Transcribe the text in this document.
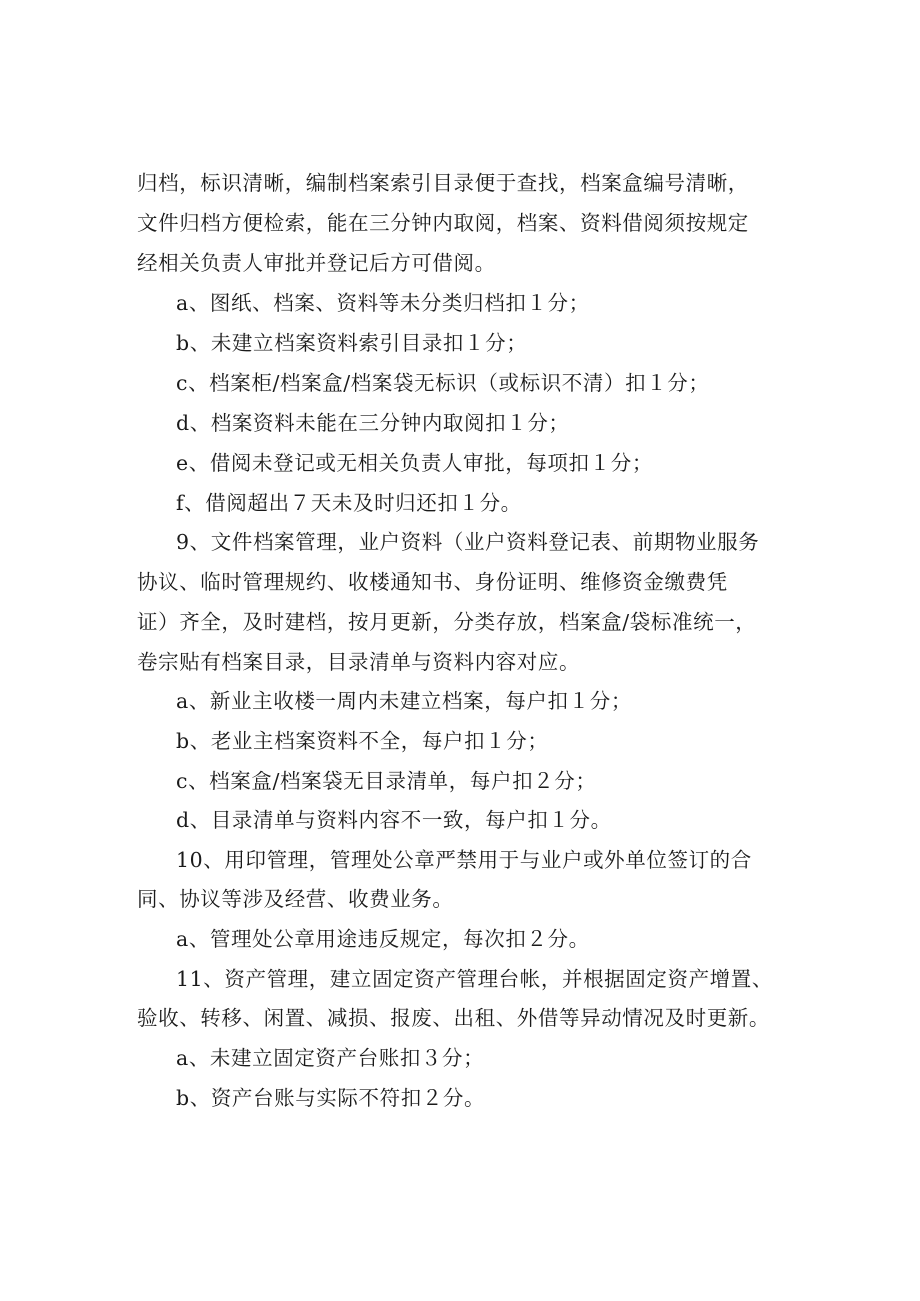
归档，标识清晰，编制档案索引目录便于查找，档案盒编号清晰，
文件归档方便检索，能在三分钟内取阅，档案、资料借阅须按规定
经相关负责人审批并登记后方可借阅。
a、图纸、档案、资料等未分类归档扣１分；
b、未建立档案资料索引目录扣１分；
c、档案柜/档案盒/档案袋无标识（或标识不清）扣１分；
d、档案资料未能在三分钟内取阅扣１分；
e、借阅未登记或无相关负责人审批，每项扣１分；
f、借阅超出７天未及时归还扣１分。
9、文件档案管理，业户资料（业户资料登记表、前期物业服务
协议、临时管理规约、收楼通知书、身份证明、维修资金缴费凭
证）齐全，及时建档，按月更新，分类存放，档案盒/袋标准统一，
卷宗贴有档案目录，目录清单与资料内容对应。
a、新业主收楼一周内未建立档案，每户扣１分；
b、老业主档案资料不全，每户扣１分；
c、档案盒/档案袋无目录清单，每户扣２分；
d、目录清单与资料内容不一致，每户扣１分。
10、用印管理，管理处公章严禁用于与业户或外单位签订的合
同、协议等涉及经营、收费业务。
a、管理处公章用途违反规定，每次扣２分。
11、资产管理，建立固定资产管理台帐，并根据固定资产增置、
验收、转移、闲置、减损、报废、出租、外借等异动情况及时更新。
a、未建立固定资产台账扣３分；
b、资产台账与实际不符扣２分。
